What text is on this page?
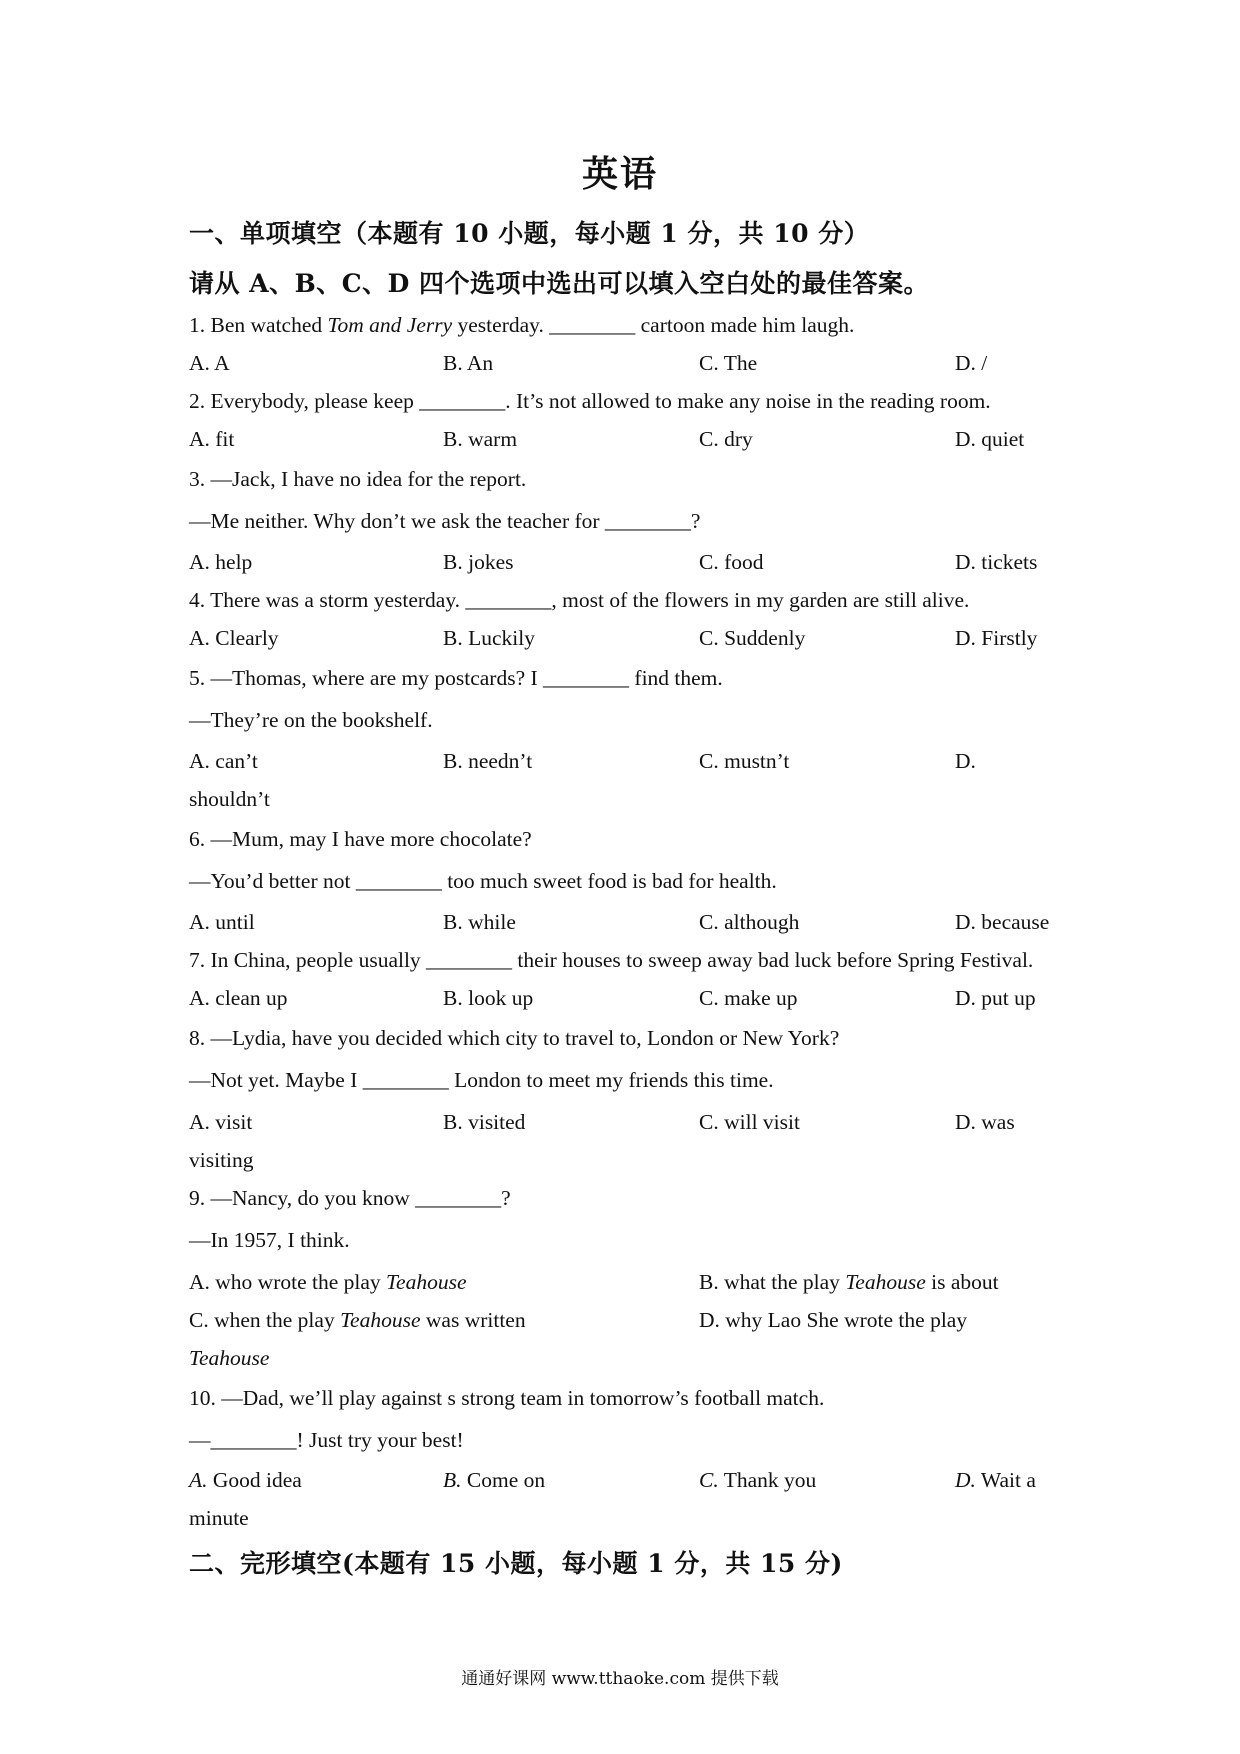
英语
一、单项填空（本题有 10 小题，每小题 1 分，共 10 分）
请从 A、B、C、D 四个选项中选出可以填入空白处的最佳答案。
1. Ben watched Tom and Jerry yesterday. ________ cartoon made him laugh.
A. A	B. An	C. The	D. /
2. Everybody, please keep ________. It’s not allowed to make any noise in the reading room.
A. fit	B. warm	C. dry	D. quiet
3. —Jack, I have no idea for the report.
—Me neither. Why don’t we ask the teacher for ________?
A. help	B. jokes	C. food	D. tickets
4. There was a storm yesterday. ________, most of the flowers in my garden are still alive.
A. Clearly	B. Luckily	C. Suddenly	D. Firstly
5. —Thomas, where are my postcards? I ________ find them.
—They’re on the bookshelf.
A. can’t	B. needn’t	C. mustn’t	D.
shouldn’t
6. —Mum, may I have more chocolate?
—You’d better not ________ too much sweet food is bad for health.
A. until	B. while	C. although	D. because
7. In China, people usually ________ their houses to sweep away bad luck before Spring Festival.
A. clean up	B. look up	C. make up	D. put up
8. —Lydia, have you decided which city to travel to, London or New York?
—Not yet. Maybe I ________ London to meet my friends this time.
A. visit	B. visited	C. will visit	D. was
visiting
9. —Nancy, do you know ________?
—In 1957, I think.
A. who wrote the play Teahouse	B. what the play Teahouse is about
C. when the play Teahouse was written	D. why Lao She wrote the play
Teahouse
10. —Dad, we’ll play against s strong team in tomorrow’s football match.
—________! Just try your best!
A. Good idea	B. Come on	C. Thank you	D. Wait a
minute
二、完形填空(本题有 15 小题，每小题 1 分，共 15 分)
通通好课网 www.tthaoke.com 提供下载
